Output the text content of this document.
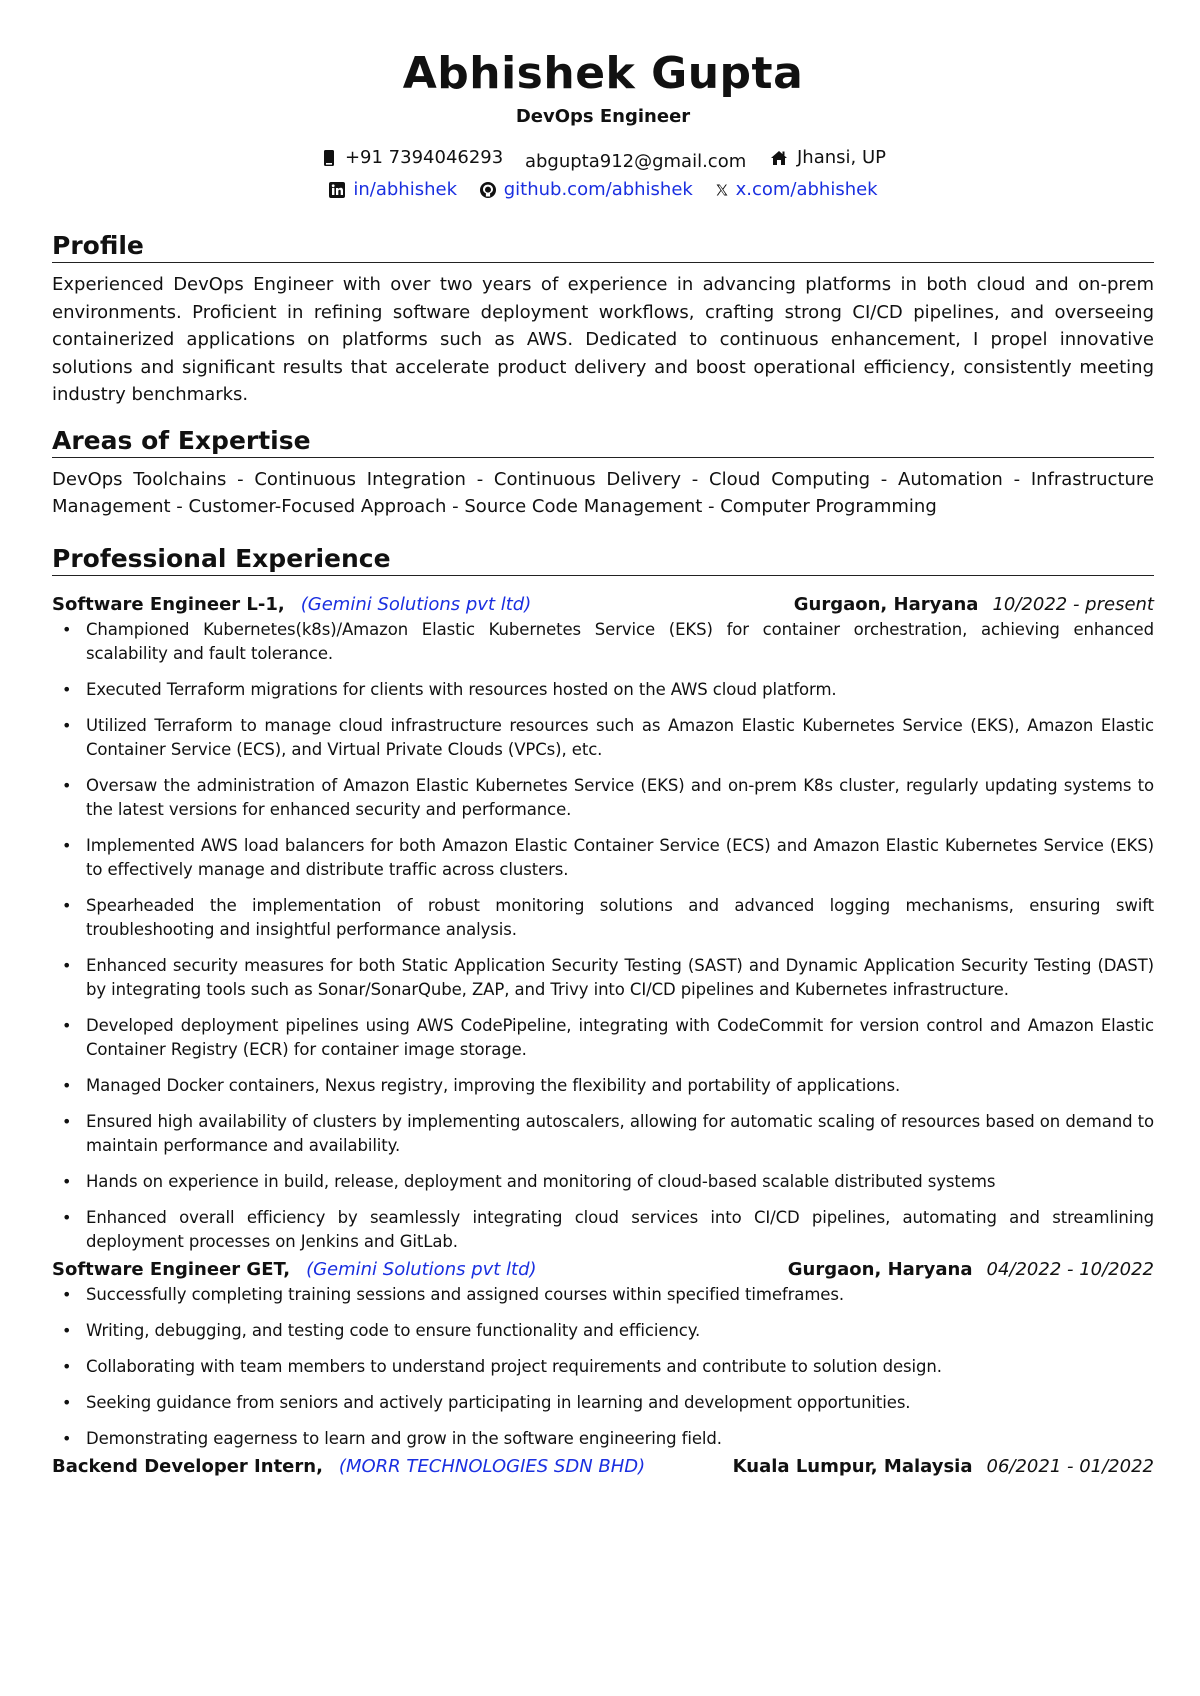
Abhishek Gupta
DevOps Engineer
+91 7394046293
abgupta912@gmail.com
	Jhansi, UP
in/abhishek
	github.com/abhishek
x.com/abhishek
Profile
Experienced DevOps Engineer with over two years of experience in advancing platforms in both cloud and on-prem environments. Proficient in refining software deployment workflows, crafting strong CI/CD pipelines, and overseeing containerized applications on platforms such as AWS. Dedicated to continuous enhancement, I propel innovative solutions and significant results that accelerate product delivery and boost operational efficiency, consistently meeting industry benchmarks.
Areas of Expertise
DevOps Toolchains - Continuous Integration - Continuous Delivery - Cloud Computing - Automation - Infrastructure Management - Customer-Focused Approach - Source Code Management - Computer Programming
Professional Experience
Software Engineer L-1, (Gemini Solutions pvt ltd)	Gurgaon, Haryana 10/2022 - present
• Championed Kubernetes(k8s)/Amazon Elastic Kubernetes Service (EKS) for container orchestration, achieving enhanced scalability and fault tolerance.
• Executed Terraform migrations for clients with resources hosted on the AWS cloud platform.
• Utilized Terraform to manage cloud infrastructure resources such as Amazon Elastic Kubernetes Service (EKS), Amazon Elastic Container Service (ECS), and Virtual Private Clouds (VPCs), etc.
• Oversaw the administration of Amazon Elastic Kubernetes Service (EKS) and on-prem K8s cluster, regularly updating systems to the latest versions for enhanced security and performance.
• Implemented AWS load balancers for both Amazon Elastic Container Service (ECS) and Amazon Elastic Kubernetes Service (EKS) to effectively manage and distribute traffic across clusters.
• Spearheaded the implementation of robust monitoring solutions and advanced logging mechanisms, ensuring swift troubleshooting and insightful performance analysis.
• Enhanced security measures for both Static Application Security Testing (SAST) and Dynamic Application Security Testing (DAST) by integrating tools such as Sonar/SonarQube, ZAP, and Trivy into CI/CD pipelines and Kubernetes infrastructure.
• Developed deployment pipelines using AWS CodePipeline, integrating with CodeCommit for version control and Amazon Elastic Container Registry (ECR) for container image storage.
• Managed Docker containers, Nexus registry, improving the flexibility and portability of applications.
• Ensured high availability of clusters by implementing autoscalers, allowing for automatic scaling of resources based on demand to maintain performance and availability.
• Hands on experience in build, release, deployment and monitoring of cloud-based scalable distributed systems
• Enhanced overall efficiency by seamlessly integrating cloud services into CI/CD pipelines, automating and streamlining deployment processes on Jenkins and GitLab.
Software Engineer GET, (Gemini Solutions pvt ltd)	Gurgaon, Haryana 04/2022 - 10/2022
• Successfully completing training sessions and assigned courses within specified timeframes.
• Writing, debugging, and testing code to ensure functionality and efficiency.
• Collaborating with team members to understand project requirements and contribute to solution design.
• Seeking guidance from seniors and actively participating in learning and development opportunities.
• Demonstrating eagerness to learn and grow in the software engineering field.
Backend Developer Intern, (MORR TECHNOLOGIES SDN BHD)	Kuala Lumpur, Malaysia 06/2021 - 01/2022
